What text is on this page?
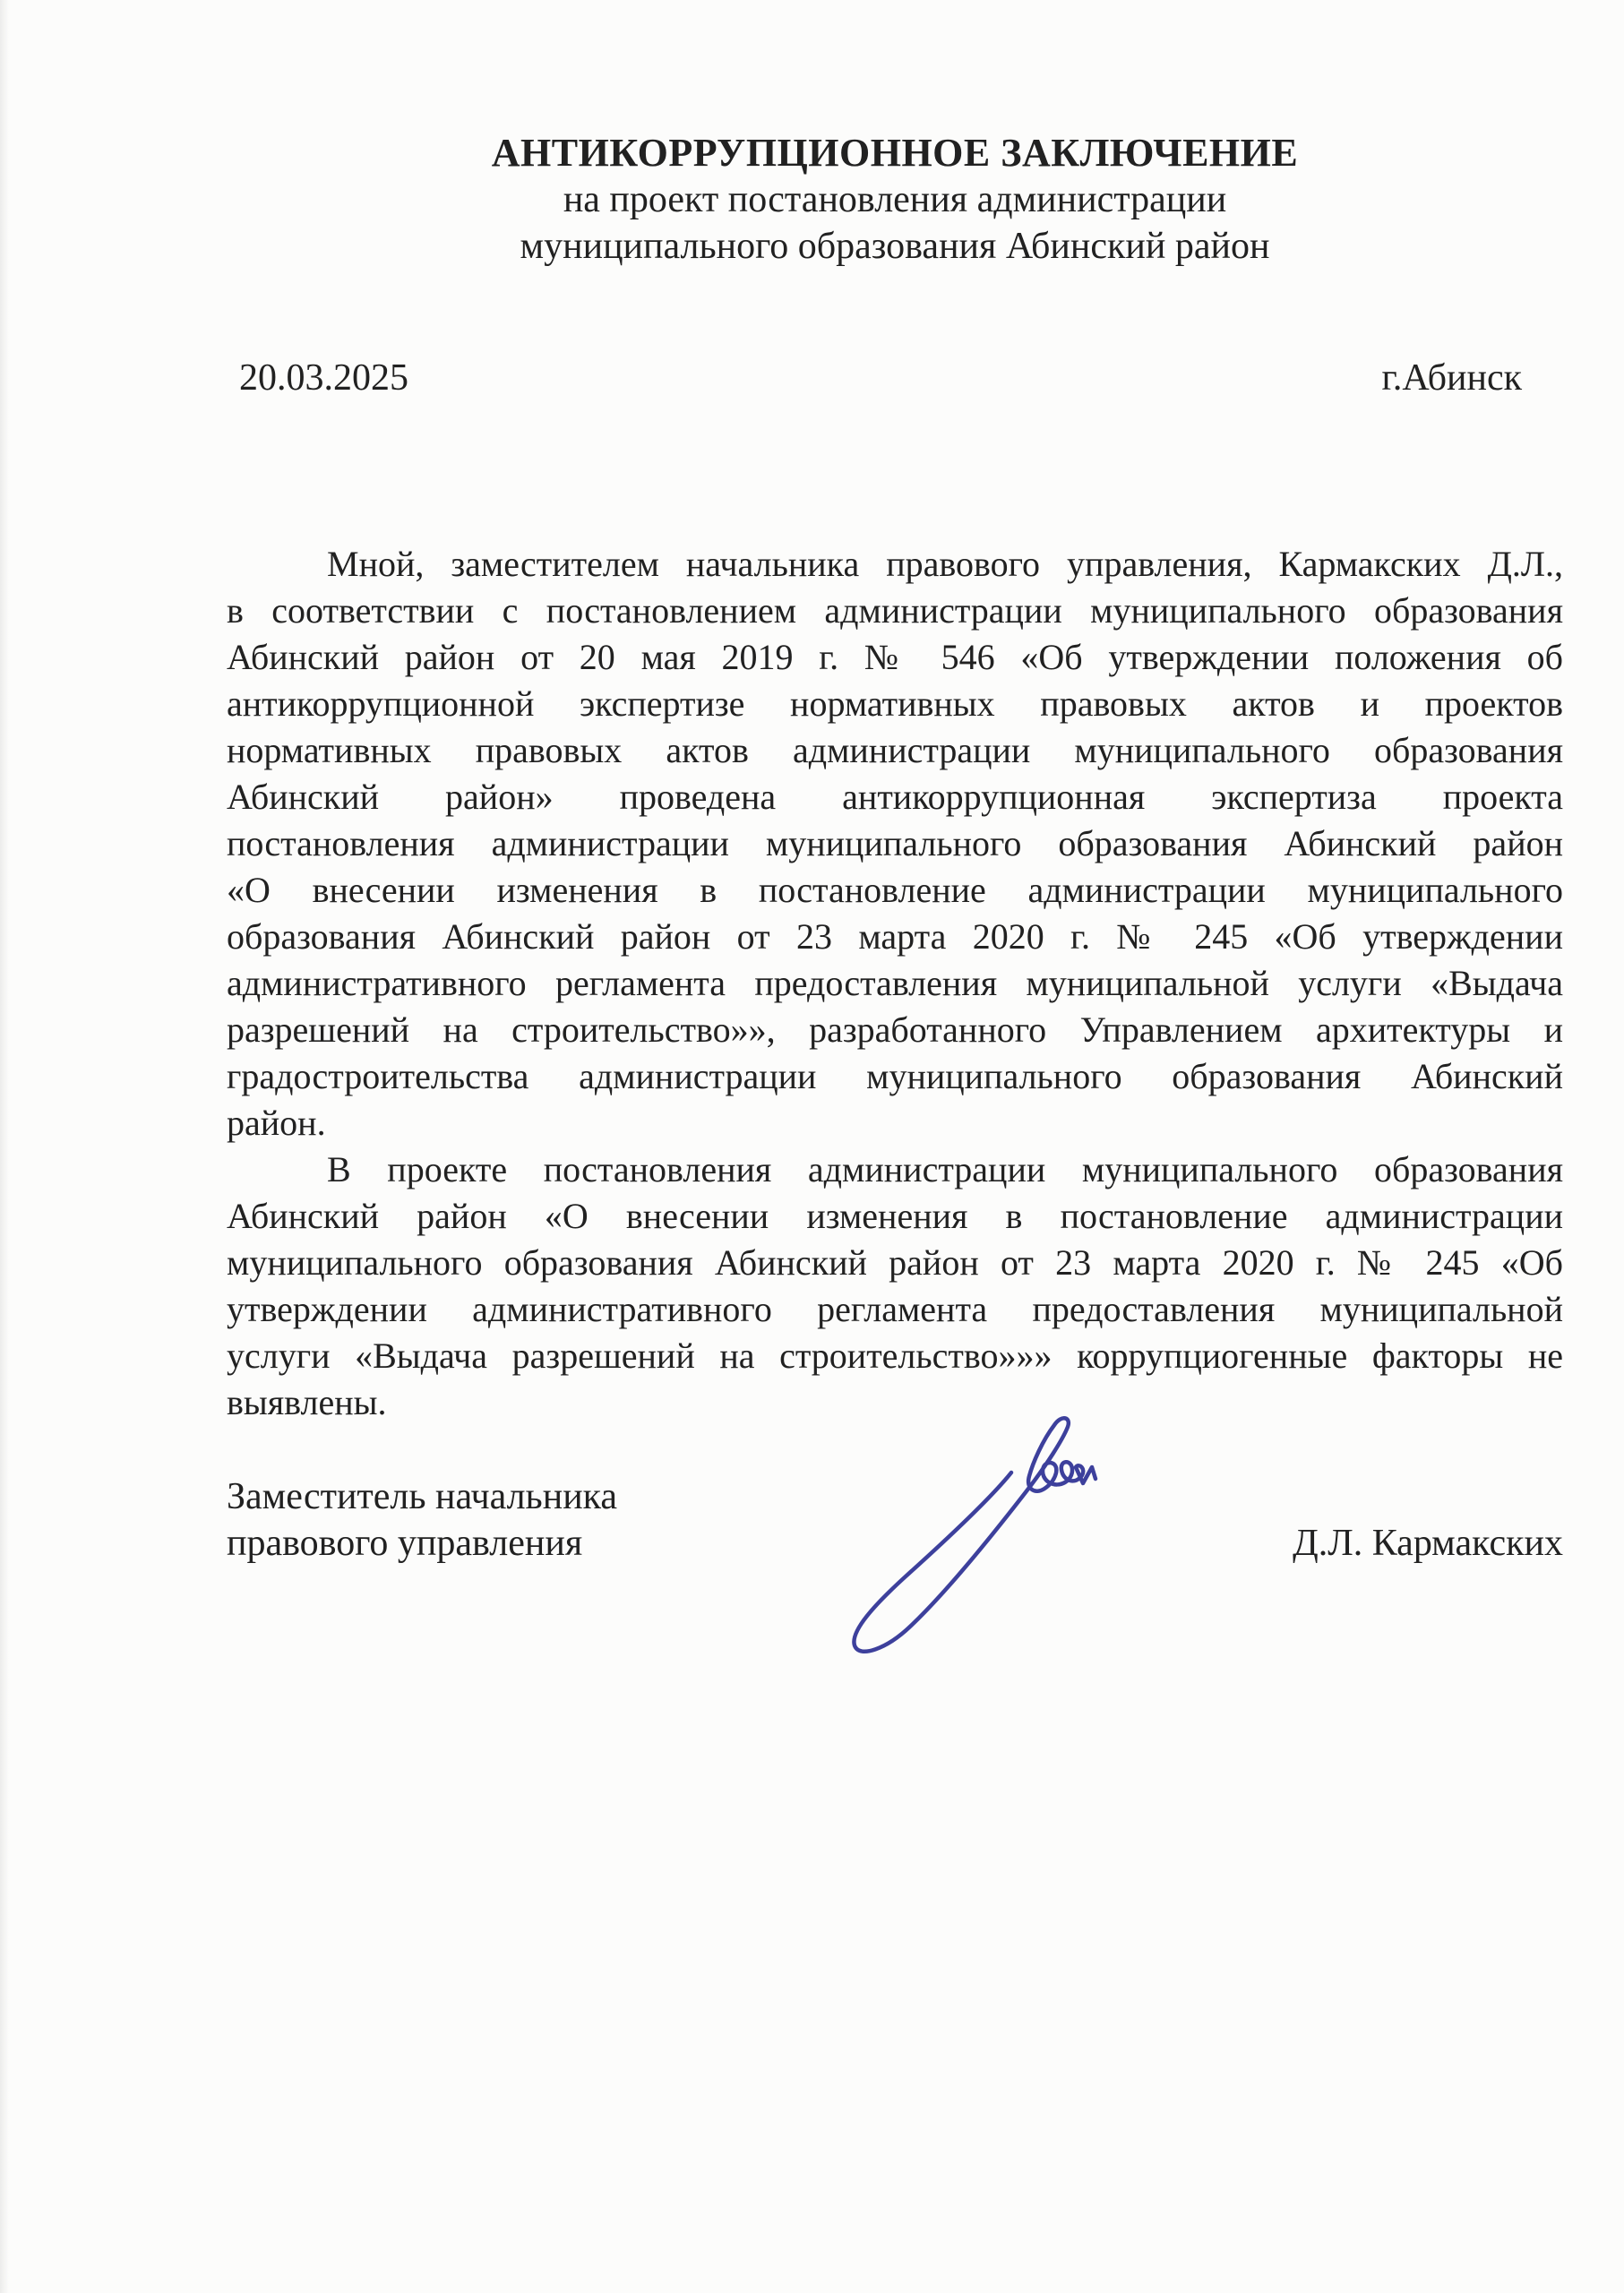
АНТИКОРРУПЦИОННОЕ ЗАКЛЮЧЕНИЕ
на проект постановления администрации
муниципального образования Абинский район
20.03.2025	г.Абинск
Мной, заместителем начальника правового управления, Кармакских Д.Л.,
в соответствии с постановлением администрации муниципального образования
Абинский район от 20 мая 2019 г. № 546 «Об утверждении положения об
антикоррупционной экспертизе нормативных правовых актов и проектов
нормативных правовых актов администрации муниципального образования
Абинский район» проведена антикоррупционная экспертиза проекта
постановления администрации муниципального образования Абинский район
«О внесении изменения в постановление администрации муниципального
образования Абинский район от 23 марта 2020 г. № 245 «Об утверждении
административного регламента предоставления муниципальной услуги «Выдача
разрешений на строительство»», разработанного Управлением архитектуры и
градостроительства администрации муниципального образования Абинский
район.
В проекте постановления администрации муниципального образования
Абинский район «О внесении изменения в постановление администрации
муниципального образования Абинский район от 23 марта 2020 г. № 245 «Об
утверждении административного регламента предоставления муниципальной
услуги «Выдача разрешений на строительство»»» коррупциогенные факторы не
выявлены.
Заместитель начальника
правового управления	Д.Л. Кармакских
